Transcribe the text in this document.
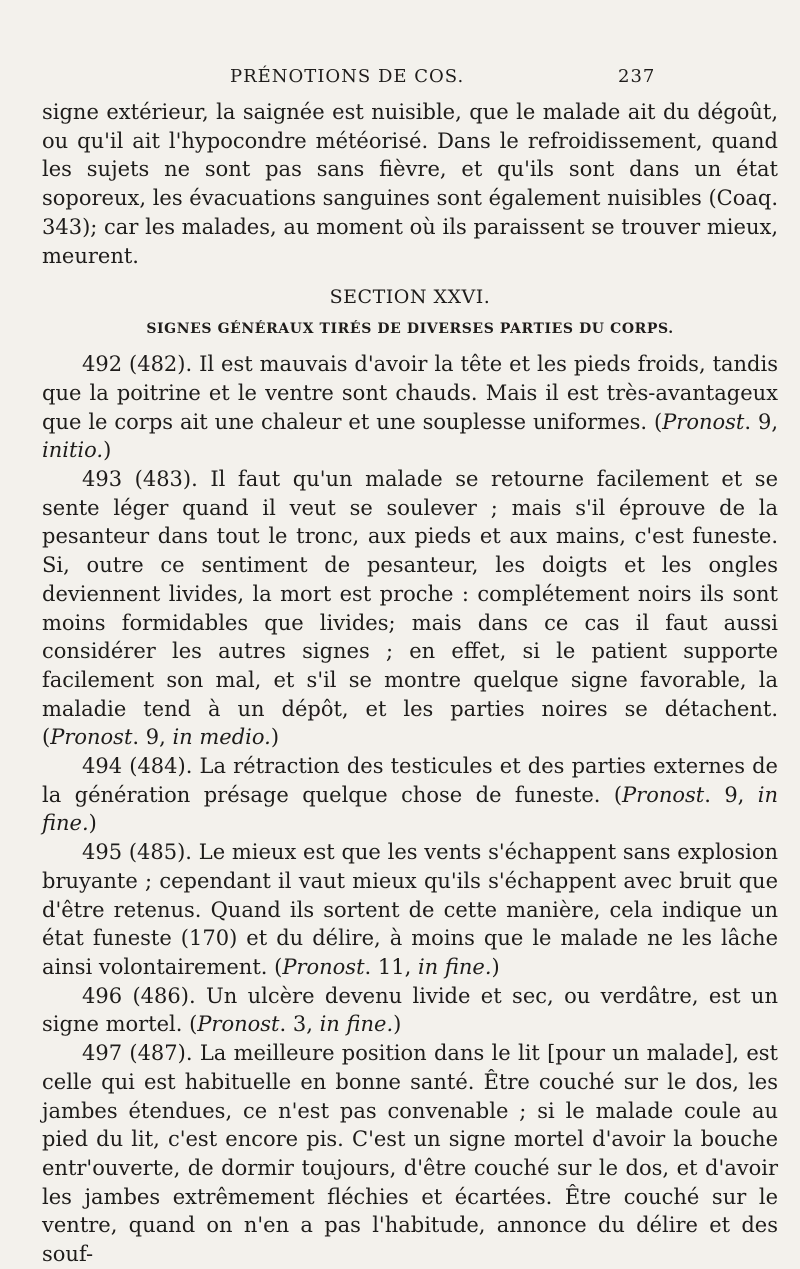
PRÉNOTIONS DE COS.	237

signe extérieur, la saignée est nuisible, que le malade ait du dégoût, ou qu'il ait l'hypocondre météorisé. Dans le refroidissement, quand les sujets ne sont pas sans fièvre, et qu'ils sont dans un état soporeux, les évacuations sanguines sont également nuisibles (Coaq. 343); car les malades, au moment où ils paraissent se trouver mieux, meurent.

SECTION XXVI.

SIGNES GÉNÉRAUX TIRÉS DE DIVERSES PARTIES DU CORPS.

492 (482). Il est mauvais d'avoir la tête et les pieds froids, tandis que la poitrine et le ventre sont chauds. Mais il est très-avantageux que le corps ait une chaleur et une souplesse uniformes. (Pronost. 9, initio.)

493 (483). Il faut qu'un malade se retourne facilement et se sente léger quand il veut se soulever ; mais s'il éprouve de la pesanteur dans tout le tronc, aux pieds et aux mains, c'est funeste. Si, outre ce sentiment de pesanteur, les doigts et les ongles deviennent livides, la mort est proche : complétement noirs ils sont moins formidables que livides; mais dans ce cas il faut aussi considérer les autres signes ; en effet, si le patient supporte facilement son mal, et s'il se montre quelque signe favorable, la maladie tend à un dépôt, et les parties noires se détachent. (Pronost. 9, in medio.)

494 (484). La rétraction des testicules et des parties externes de la génération présage quelque chose de funeste. (Pronost. 9, in fine.)

495 (485). Le mieux est que les vents s'échappent sans explosion bruyante ; cependant il vaut mieux qu'ils s'échappent avec bruit que d'être retenus. Quand ils sortent de cette manière, cela indique un état funeste (170) et du délire, à moins que le malade ne les lâche ainsi volontairement. (Pronost. 11, in fine.)

496 (486). Un ulcère devenu livide et sec, ou verdâtre, est un signe mortel. (Pronost. 3, in fine.)

497 (487). La meilleure position dans le lit [pour un malade], est celle qui est habituelle en bonne santé. Être couché sur le dos, les jambes étendues, ce n'est pas convenable ; si le malade coule au pied du lit, c'est encore pis. C'est un signe mortel d'avoir la bouche entr'ouverte, de dormir toujours, d'être couché sur le dos, et d'avoir les jambes extrêmement fléchies et écartées. Être couché sur le ventre, quand on n'en a pas l'habitude, annonce du délire et des souf-
